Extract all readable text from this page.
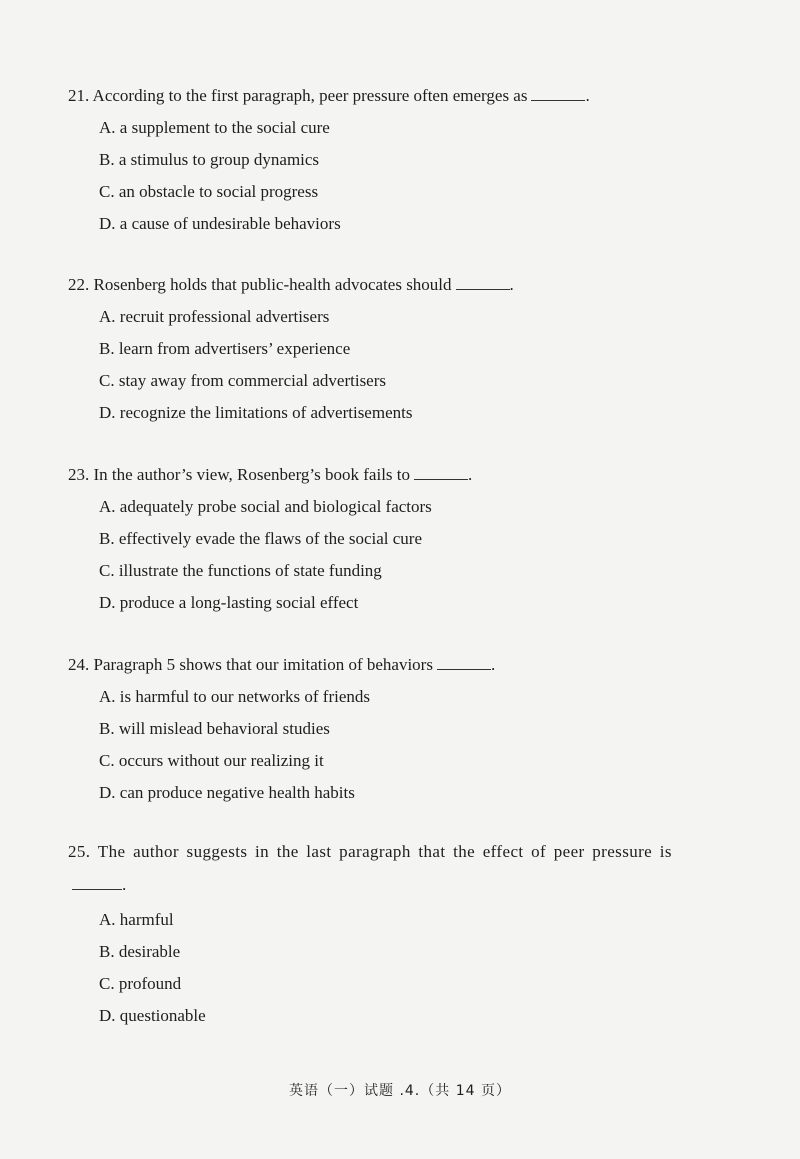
21. According to the first paragraph, peer pressure often emerges as	.

A. a supplement to the social cure
B. a stimulus to group dynamics
C. an obstacle to social progress
D. a cause of undesirable behaviors

22. Rosenberg holds that public-health advocates should	.

A. recruit professional advertisers
B. learn from advertisers’ experience
C. stay away from commercial advertisers
D. recognize the limitations of advertisements

23. In the author’s view, Rosenberg’s book fails to	.

A. adequately probe social and biological factors
B. effectively evade the flaws of the social cure
C. illustrate the functions of state funding
D. produce a long-lasting social effect

24. Paragraph 5 shows that our imitation of behaviors	.

A. is harmful to our networks of friends
B. will mislead behavioral studies
C. occurs without our realizing it
D. can produce negative health habits

25. The author suggests in the last paragraph that the effect of peer pressure is.

A. harmful
B. desirable
C. profound
D. questionable
英语（一）试题 .4.（共 14 页）
